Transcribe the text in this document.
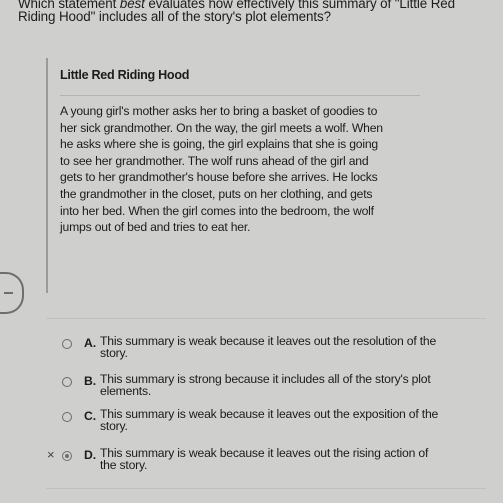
Which statement best evaluates how effectively this summary of "Little Red Riding Hood" includes all of the story's plot elements?
Little Red Riding Hood
A young girl's mother asks her to bring a basket of goodies to her sick grandmother. On the way, the girl meets a wolf. When he asks where she is going, the girl explains that she is going to see her grandmother. The wolf runs ahead of the girl and gets to her grandmother's house before she arrives. He locks the grandmother in the closet, puts on her clothing, and gets into her bed. When the girl comes into the bedroom, the wolf jumps out of bed and tries to eat her.
A. This summary is weak because it leaves out the resolution of the story.
B. This summary is strong because it includes all of the story's plot elements.
C. This summary is weak because it leaves out the exposition of the story.
× D. This summary is weak because it leaves out the rising action of the story.
